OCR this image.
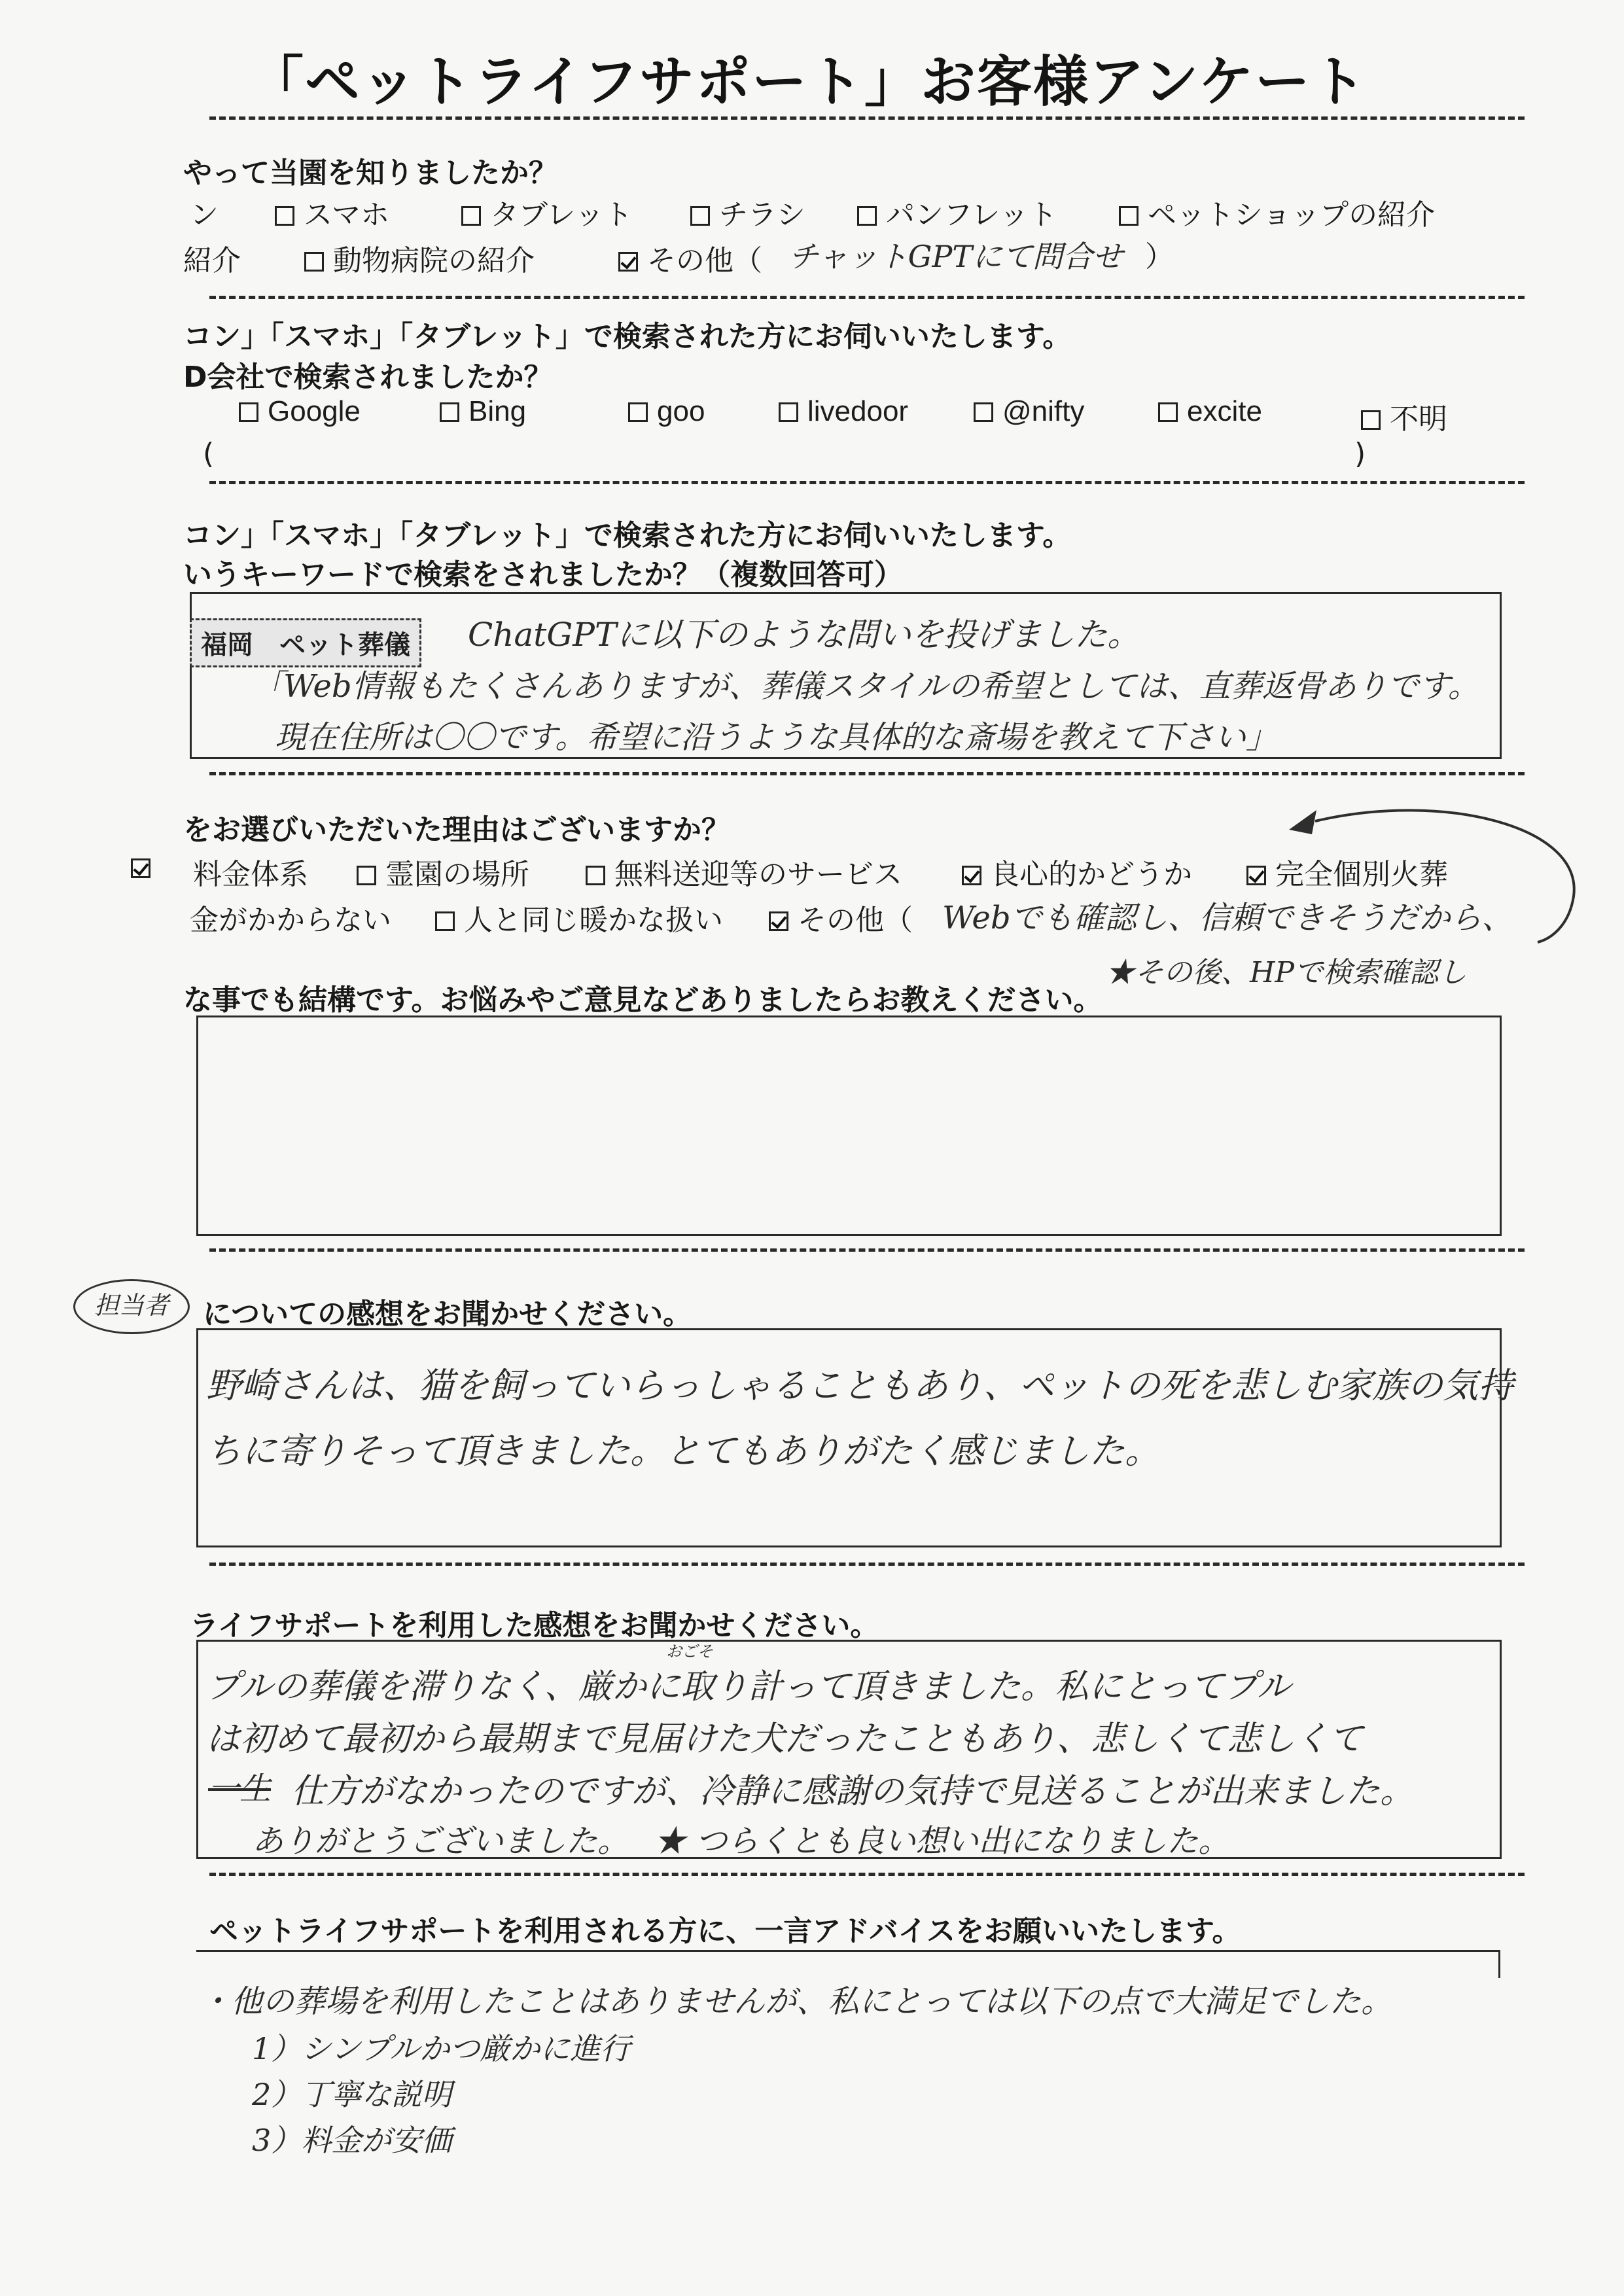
「ペットライフサポート」お客様アンケート
やって当園を知りましたか？
ン	スマホ	タブレット	チラシ	パンフレット	ペットショップの紹介
紹介	動物病院の紹介	その他（ チャットGPTにて問合せ ）
コン」「スマホ」「タブレット」で検索された方にお伺いいたします。
D会社で検索されましたか？
Google	Bing	goo	livedoor	@nifty	excite	不明
(	)
コン」「スマホ」「タブレット」で検索された方にお伺いいたします。
いうキーワードで検索をされましたか？（複数回答可）
福岡　ペット葬儀	ChatGPTに以下のような問いを投げました。
「Web情報もたくさんありますが、葬儀スタイルの希望としては、直葬返骨ありです。
現在住所は〇〇です。希望に沿うような具体的な斎場を教えて下さい」
をお選びいただいた理由はございますか？
料金体系	霊園の場所	無料送迎等のサービス	良心的かどうか	完全個別火葬
金がかからない	人と同じ暖かな扱い	その他（ Webでも確認し、信頼できそうだから、
★その後、HPで検索確認し
な事でも結構です。お悩みやご意見などありましたらお教えください。
担当者	についての感想をお聞かせください。
野崎さんは、猫を飼っていらっしゃることもあり、ペットの死を悲しむ家族の気持
ちに寄りそって頂きました。とてもありがたく感じました。
ライフサポートを利用した感想をお聞かせください。
おごそ
プルの葬儀を滞りなく、厳かに取り計って頂きました。私にとってプル
は初めて最初から最期まで見届けた犬だったこともあり、悲しくて悲しくて
一生 仕方がなかったのですが、冷静に感謝の気持で見送ることが出来ました。
ありがとうございました。 ★ つらくとも良い想い出になりました。
ペットライフサポートを利用される方に、一言アドバイスをお願いいたします。
・他の葬場を利用したことはありませんが、私にとっては以下の点で大満足でした。
1）シンプルかつ厳かに進行
2）丁寧な説明
3）料金が安価
